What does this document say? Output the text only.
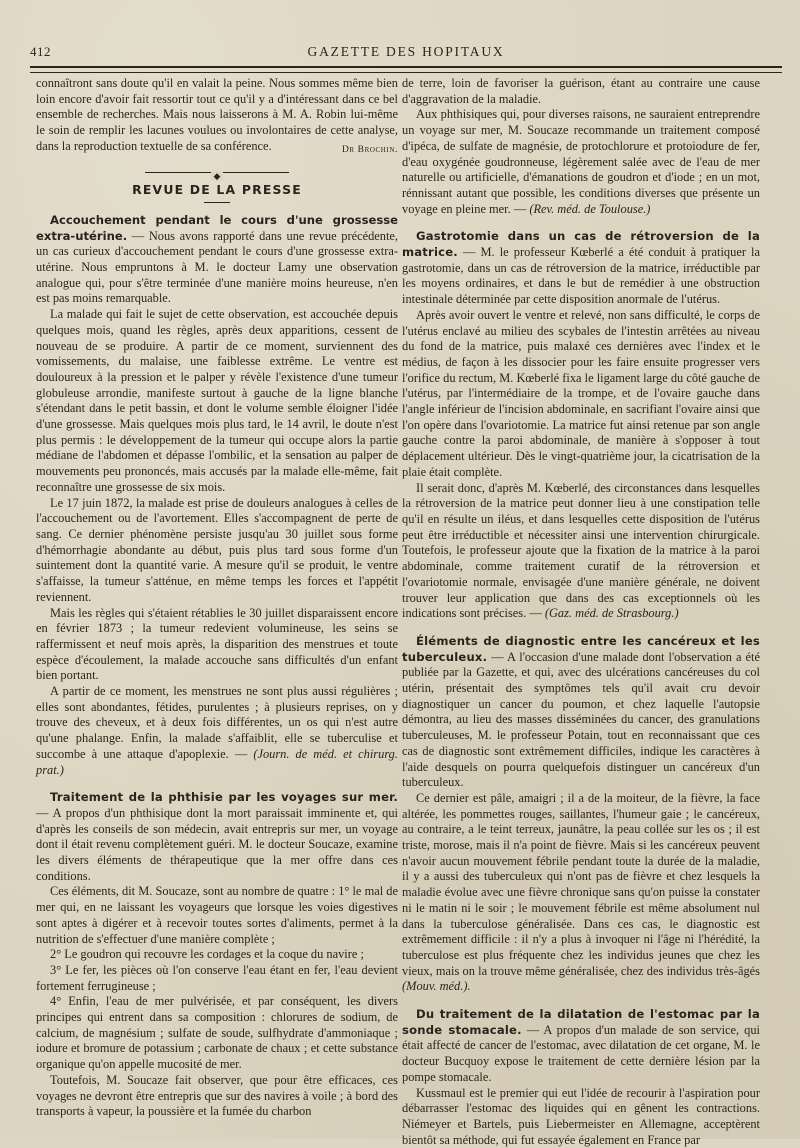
412	GAZETTE DES HOPITAUX

connaîtront sans doute qu'il en valait la peine. Nous sommes même bien loin encore d'avoir fait ressortir tout ce qu'il y a d'intéressant dans ce bel ensemble de recherches. Mais nous laisserons à M. A. Robin lui-même le soin de remplir les lacunes voulues ou involontaires de cette analyse, dans la reproduction textuelle de sa conférence.	Dr Brochin.

◆
REVUE DE LA PRESSE

Accouchement pendant le cours d'une grossesse extra-utérine. — Nous avons rapporté dans une revue précédente, un cas curieux d'accouchement pendant le cours d'une grossesse extra-utérine. Nous empruntons à M. le docteur Lamy une observation analogue qui, pour s'être terminée d'une manière moins heureuse, n'en est pas moins remarquable.

La malade qui fait le sujet de cette observation, est accouchée depuis quelques mois, quand les règles, après deux apparitions, cessent de nouveau de se produire. A partir de ce moment, surviennent des vomissements, du malaise, une faiblesse extrême. Le ventre est douloureux à la pression et le palper y révèle l'existence d'une tumeur globuleuse arrondie, manifeste surtout à gauche de la ligne blanche s'étendant dans le petit bassin, et dont le volume semble éloigner l'idée d'une grossesse. Mais quelques mois plus tard, le 14 avril, le doute n'est plus permis : le développement de la tumeur qui occupe alors la partie médiane de l'abdomen et dépasse l'ombilic, et la sensation au palper de mouvements peu prononcés, mais accusés par la malade elle-même, fait reconnaître une grossesse de six mois.

Le 17 juin 1872, la malade est prise de douleurs analogues à celles de l'accouchement ou de l'avortement. Elles s'accompagnent de perte de sang. Ce dernier phénomène persiste jusqu'au 30 juillet sous forme d'hémorrhagie abondante au début, puis plus tard sous forme d'un suintement dont la quantité varie. A mesure qu'il se produit, le ventre s'affaisse, la tumeur s'atténue, en même temps les forces et l'appétit reviennent.

Mais les règles qui s'étaient rétablies le 30 juillet disparaissent encore en février 1873 ; la tumeur redevient volumineuse, les seins se raffermissent et neuf mois après, la disparition des menstrues et toute espèce d'écoulement, la malade accouche sans difficultés d'un enfant bien portant.

A partir de ce moment, les menstrues ne sont plus aussi régulières ; elles sont abondantes, fétides, purulentes ; à plusieurs reprises, on y trouve des cheveux, et à deux fois différentes, un os qui n'est autre qu'une phalange. Enfin, la malade s'affaiblit, elle se tuberculise et succombe à une attaque d'apoplexie. — (Journ. de méd. et chirurg. prat.)

Traitement de la phthisie par les voyages sur mer. — A propos d'un phthisique dont la mort paraissait imminente et, qui d'après les conseils de son médecin, avait entrepris sur mer, un voyage dont il était revenu complètement guéri. M. le docteur Soucaze, examine les divers éléments de thérapeutique que la mer offre dans ces conditions.

Ces éléments, dit M. Soucaze, sont au nombre de quatre : 1° le mal de mer qui, en ne laissant les voyageurs que lorsque les voies digestives sont aptes à digérer et à recevoir toutes sortes d'aliments, permet à la nutrition de s'effectuer d'une manière complète ;

2° Le goudron qui recouvre les cordages et la coque du navire ;

3° Le fer, les pièces où l'on conserve l'eau étant en fer, l'eau devient fortement ferrugineuse ;

4° Enfin, l'eau de mer pulvérisée, et par conséquent, les divers principes qui entrent dans sa composition : chlorures de sodium, de calcium, de magnésium ; sulfate de soude, sulfhydrate d'ammoniaque ; iodure et bromure de potassium ; carbonate de chaux ; et cette substance organique qu'on appelle mucosité de mer.

Toutefois, M. Soucaze fait observer, que pour être efficaces, ces voyages ne devront être entrepris que sur des navires à voile ; à bord des transports à vapeur, la poussière et la fumée du charbon

de terre, loin de favoriser la guérison, étant au contraire une cause d'aggravation de la maladie.

Aux phthisiques qui, pour diverses raisons, ne sauraient entreprendre un voyage sur mer, M. Soucaze recommande un traitement composé d'ipéca, de sulfate de magnésie, de protochlorure et protoiodure de fer, d'eau oxygénée goudronneuse, légèrement salée avec de l'eau de mer naturelle ou artificielle, d'émanations de goudron et d'iode ; en un mot, rénnissant autant que possible, les conditions diverses que présente un voyage en pleine mer. — (Rev. méd. de Toulouse.)

Gastrotomie dans un cas de rétroversion de la matrice. — M. le professeur Kœberlé a été conduit à pratiquer la gastrotomie, dans un cas de rétroversion de la matrice, irréductible par les moyens ordinaires, et dans le but de remédier à une obstruction intestinale déterminée par cette disposition anormale de l'utérus.

Après avoir ouvert le ventre et relevé, non sans difficulté, le corps de l'utérus enclavé au milieu des scybales de l'intestin arrêtées au niveau du fond de la matrice, puis malaxé ces dernières avec l'index et le médius, de façon à les dissocier pour les faire ensuite progresser vers l'orifice du rectum, M. Kœberlé fixa le ligament large du côté gauche de l'utérus, par l'intermédiaire de la trompe, et de l'ovaire gauche dans l'angle inférieur de l'incision abdominale, en sacrifiant l'ovaire ainsi que l'on opère dans l'ovariotomie. La matrice fut ainsi retenue par son angle gauche contre la paroi abdominale, de manière à s'opposer à tout déplacement ultérieur. Dès le vingt-quatrième jour, la cicatrisation de la plaie était complète.

Il serait donc, d'après M. Kœberlé, des circonstances dans lesquelles la rétroversion de la matrice peut donner lieu à une constipation telle qu'il en résulte un iléus, et dans lesquelles cette disposition de l'utérus peut être irréductible et nécessiter ainsi une intervention chirurgicale. Toutefois, le professeur ajoute que la fixation de la matrice à la paroi abdominale, comme traitement curatif de la rétroversion et l'ovariotomie normale, envisagée d'une manière générale, ne doivent trouver leur application que dans des cas exceptionnels où les indications sont précises. — (Gaz. méd. de Strasbourg.)

Éléments de diagnostic entre les cancéreux et les tuberculeux. — A l'occasion d'une malade dont l'observation a été publiée par la Gazette, et qui, avec des ulcérations cancéreuses du col utérin, présentait des symptômes tels qu'il avait cru devoir diagnostiquer un cancer du poumon, et chez laquelle l'autopsie démontra, au lieu des masses disséminées du cancer, des granulations tuberculeuses, M. le professeur Potain, tout en reconnaissant que ces cas de diagnostic sont extrêmement difficiles, indique les caractères à l'aide desquels on pourra quelquefois distinguer un cancéreux d'un tuberculeux.

Ce dernier est pâle, amaigri ; il a de la moiteur, de la fièvre, la face altérée, les pommettes rouges, saillantes, l'humeur gaie ; le cancéreux, au contraire, a le teint terreux, jaunâtre, la peau collée sur les os ; il est triste, morose, mais il n'a point de fièvre. Mais si les cancéreux peuvent n'avoir aucun mouvement fébrile pendant toute la durée de la maladie, il y a aussi des tuberculeux qui n'ont pas de fièvre et chez lesquels la maladie évolue avec une fièvre chronique sans qu'on puisse la constater ni le matin ni le soir ; le mouvement fébrile est même absolument nul dans la tuberculose généralisée. Dans ces cas, le diagnostic est extrêmement difficile : il n'y a plus à invoquer ni l'âge ni l'hérédité, la tuberculose est plus fréquente chez les individus jeunes que chez les vieux, mais on la trouve même généralisée, chez des individus très-âgés (Mouv. méd.).

Du traitement de la dilatation de l'estomac par la sonde stomacale. — A propos d'un malade de son service, qui était affecté de cancer de l'estomac, avec dilatation de cet organe, M. le docteur Bucquoy expose le traitement de cette dernière lésion par la pompe stomacale.

Kussmaul est le premier qui eut l'idée de recourir à l'aspiration pour débarrasser l'estomac des liquides qui en gênent les contractions. Niémeyer et Bartels, puis Liebermeister en Allemagne, acceptèrent bientôt sa méthode, qui fut essayée également en France par
